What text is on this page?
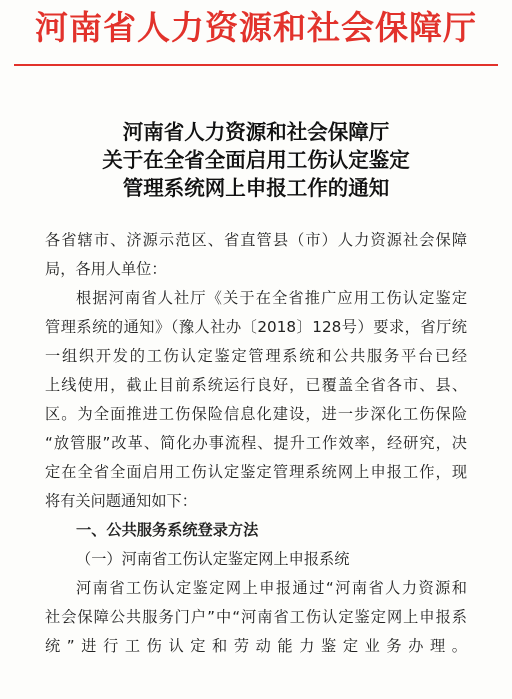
河南省人力资源和社会保障厅
河南省人力资源和社会保障厅
关于在全省全面启用工伤认定鉴定
管理系统网上申报工作的通知
各省辖市、济源示范区、省直管县（市）人力资源社会保障
局，各用人单位：
根据河南省人社厅《关于在全省推广应用工伤认定鉴定
管理系统的通知》（豫人社办〔2018〕128号）要求，省厅统
一组织开发的工伤认定鉴定管理系统和公共服务平台已经
上线使用，截止目前系统运行良好，已覆盖全省各市、县、
区。为全面推进工伤保险信息化建设，进一步深化工伤保险
“放管服”改革、简化办事流程、提升工作效率，经研究，决
定在全省全面启用工伤认定鉴定管理系统网上申报工作，现
将有关问题通知如下：
一、公共服务系统登录方法
（一）河南省工伤认定鉴定网上申报系统
河南省工伤认定鉴定网上申报通过“河南省人力资源和
社会保障公共服务门户”中“河南省工伤认定鉴定网上申报系
统”进行工伤认定和劳动能力鉴定业务办理。
